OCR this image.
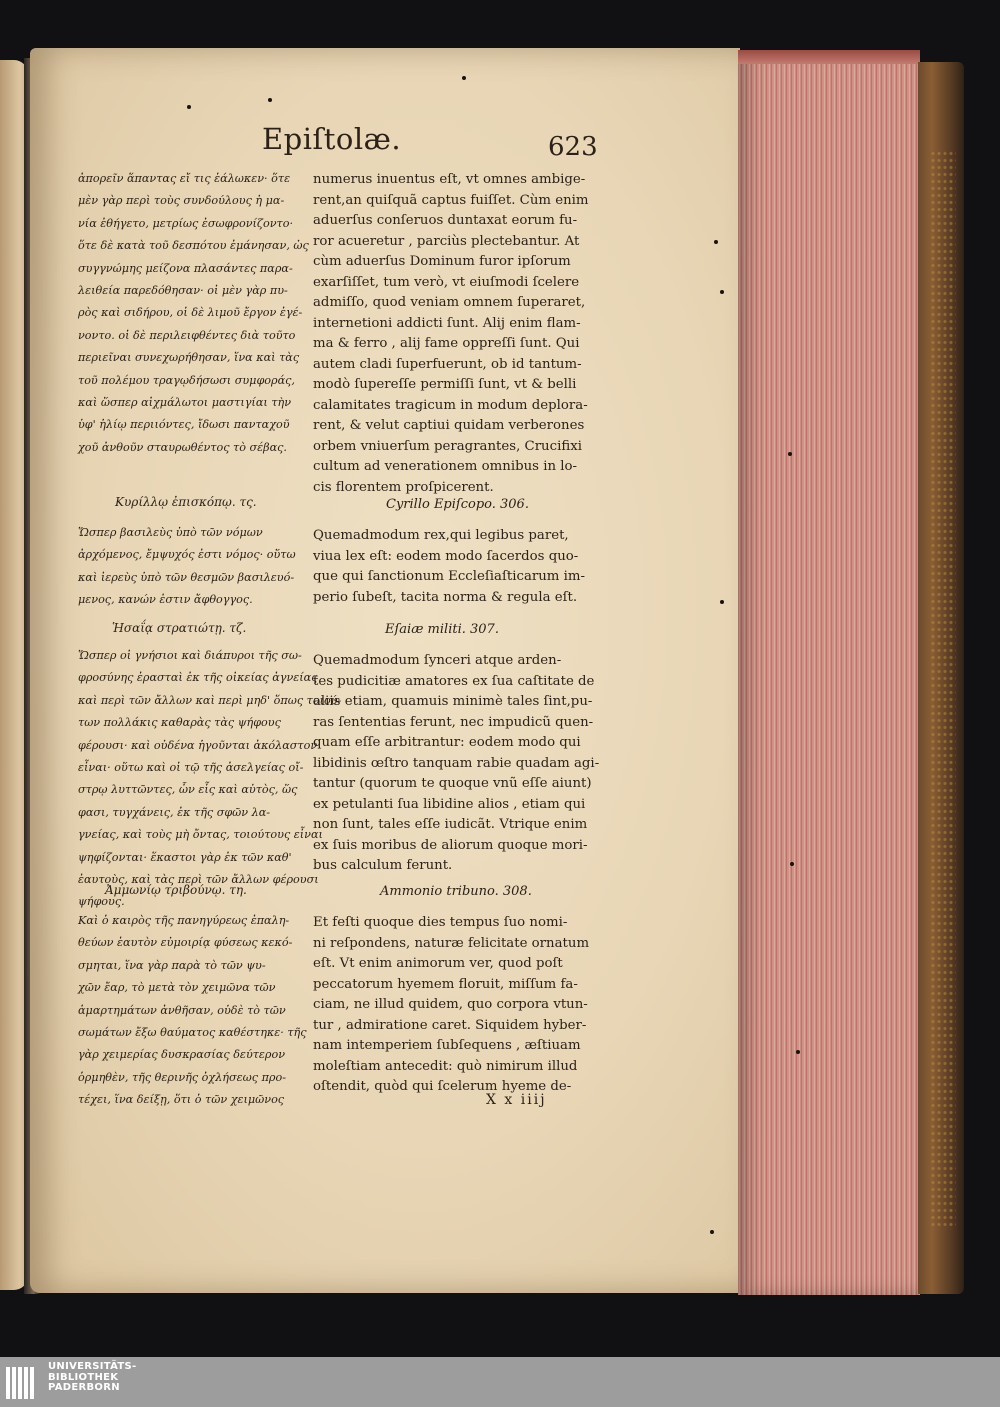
Epiſtolæ.	623
ἀπορεῖν ἅπαντας εἴ τις ἑάλωκεν· ὅτε
μὲν γὰρ περὶ τοὺς συνδούλους ἡ μα-
νία ἐθήγετο, μετρίως ἐσωφρονίζοντο·
ὅτε δὲ κατὰ τοῦ δεσπότου ἐμάνησαν, ὡς
συγγνώμης μείζονα πλασάντες παρα-
λειθεία παρεδόθησαν· οἱ μὲν γὰρ πυ-
ρὸς καὶ σιδήρου, οἱ δὲ λιμοῦ ἔργον ἐγέ-
νοντο. οἱ δὲ περιλειφθέντες διὰ τοῦτο
περιεῖναι συνεχωρήθησαν, ἵνα καὶ τὰς
τοῦ πολέμου τραγῳδήσωσι συμφοράς,
καὶ ὥσπερ αἰχμάλωτοι μαστιγίαι τὴν
ὑφ' ἡλίῳ περιιόντες, ἴδωσι πανταχοῦ
χοῦ ἀνθοῦν σταυρωθέντος τὸ σέβας.
Κυρίλλῳ ἐπισκόπῳ. τς.
Ὥσπερ βασιλεὺς ὑπὸ τῶν νόμων
ἀρχόμενος, ἔμψυχός ἐστι νόμος· οὕτω
καὶ ἱερεὺς ὑπὸ τῶν θεσμῶν βασιλευό-
μενος, κανών ἐστιν ἄφθογγος.
Ἡσαΐᾳ στρατιώτῃ. τζ.
Ὥσπερ οἱ γνήσιοι καὶ διάπυροι τῆς σω-
φροσύνης ἐρασταὶ ἐκ τῆς οἰκείας ἁγνείας
καὶ περὶ τῶν ἄλλων καὶ περὶ μηδ' ὅπως τοιού-
των πολλάκις καθαρὰς τὰς ψήφους
φέρουσι· καὶ οὐδένα ἡγοῦνται ἀκόλαστον
εἶναι· οὕτω καὶ οἱ τῷ τῆς ἀσελγείας οἴ-
στρῳ λυττῶντες, ὧν εἷς καὶ αὐτὸς, ὥς
φασι, τυγχάνεις, ἐκ τῆς σφῶν λα-
γνείας, καὶ τοὺς μὴ ὄντας, τοιούτους εἶναι
ψηφίζονται· ἕκαστοι γὰρ ἐκ τῶν καθ'
ἑαυτοὺς, καὶ τὰς περὶ τῶν ἄλλων φέρουσι
ψήφους.
Ἀμμωνίῳ τριβούνῳ. τη.
Καὶ ὁ καιρὸς τῆς πανηγύρεως ἐπαλη-
θεύων ἑαυτὸν εὐμοιρίᾳ φύσεως κεκό-
σμηται, ἵνα γὰρ παρὰ τὸ τῶν ψυ-
χῶν ἔαρ, τὸ μετὰ τὸν χειμῶνα τῶν
ἁμαρτημάτων ἀνθῆσαν, οὐδὲ τὸ τῶν
σωμάτων ἔξω θαύματος καθέστηκε· τῆς
γὰρ χειμερίας δυσκρασίας δεύτερον
ὁρμηθὲν, τῆς θερινῆς ὀχλήσεως προ-
τέχει, ἵνα δείξῃ, ὅτι ὁ τῶν χειμῶνος
numerus inuentus eſt, vt omnes ambige-
rent,an quiſquã captus fuiſſet. Cùm enim
aduerſus conſeruos duntaxat eorum fu-
ror acueretur , parciùs plectebantur. At
cùm aduerſus Dominum furor ipſorum
exarſiſſet, tum verò, vt eiuſmodi ſcelere
admiſſo, quod veniam omnem ſuperaret,
internetioni addicti ſunt. Alij enim flam-
ma & ferro , alij fame oppreſſi ſunt. Qui
autem cladi ſuperfuerunt, ob id tantum-
modò ſupereſſe permiſſi ſunt, vt & belli
calamitates tragicum in modum deplora-
rent, & velut captiui quidam verberones
orbem vniuerſum peragrantes, Crucifixi
cultum ad venerationem omnibus in lo-
cis florentem proſpicerent.
Cyrillo Epiſcopo. 306.
Quemadmodum rex,qui legibus paret,
viua lex eſt: eodem modo ſacerdos quo-
que qui ſanctionum Eccleſiaſticarum im-
perio ſubeſt, tacita norma & regula eſt.
Eſaiæ militi. 307.
Quemadmodum ſynceri atque arden-
tes pudicitiæ amatores ex ſua caſtitate de
aliis etiam, quamuis minimè tales ſint,pu-
ras ſententias ferunt, nec impudicũ quen-
quam eſſe arbitrantur: eodem modo qui
libidinis œſtro tanquam rabie quadam agi-
tantur (quorum te quoque vnũ eſſe aiunt)
ex petulanti ſua libidine alios , etiam qui
non ſunt, tales eſſe iudicãt. Vtrique enim
ex ſuis moribus de aliorum quoque mori-
bus calculum ferunt.
Ammonio tribuno. 308.
Et feſti quoque dies tempus ſuo nomi-
ni reſpondens, naturæ felicitate ornatum
eſt. Vt enim animorum ver, quod poſt
peccatorum hyemem floruit, miſſum fa-
ciam, ne illud quidem, quo corpora vtun-
tur , admiratione caret. Siquidem hyber-
nam intemperiem ſubſequens , æſtiuam
moleſtiam antecedit: quò nimirum illud
oſtendit, quòd qui ſcelerum hyeme de-
X x iiij
UNIVERSITÄTS-
BIBLIOTHEK
PADERBORN
